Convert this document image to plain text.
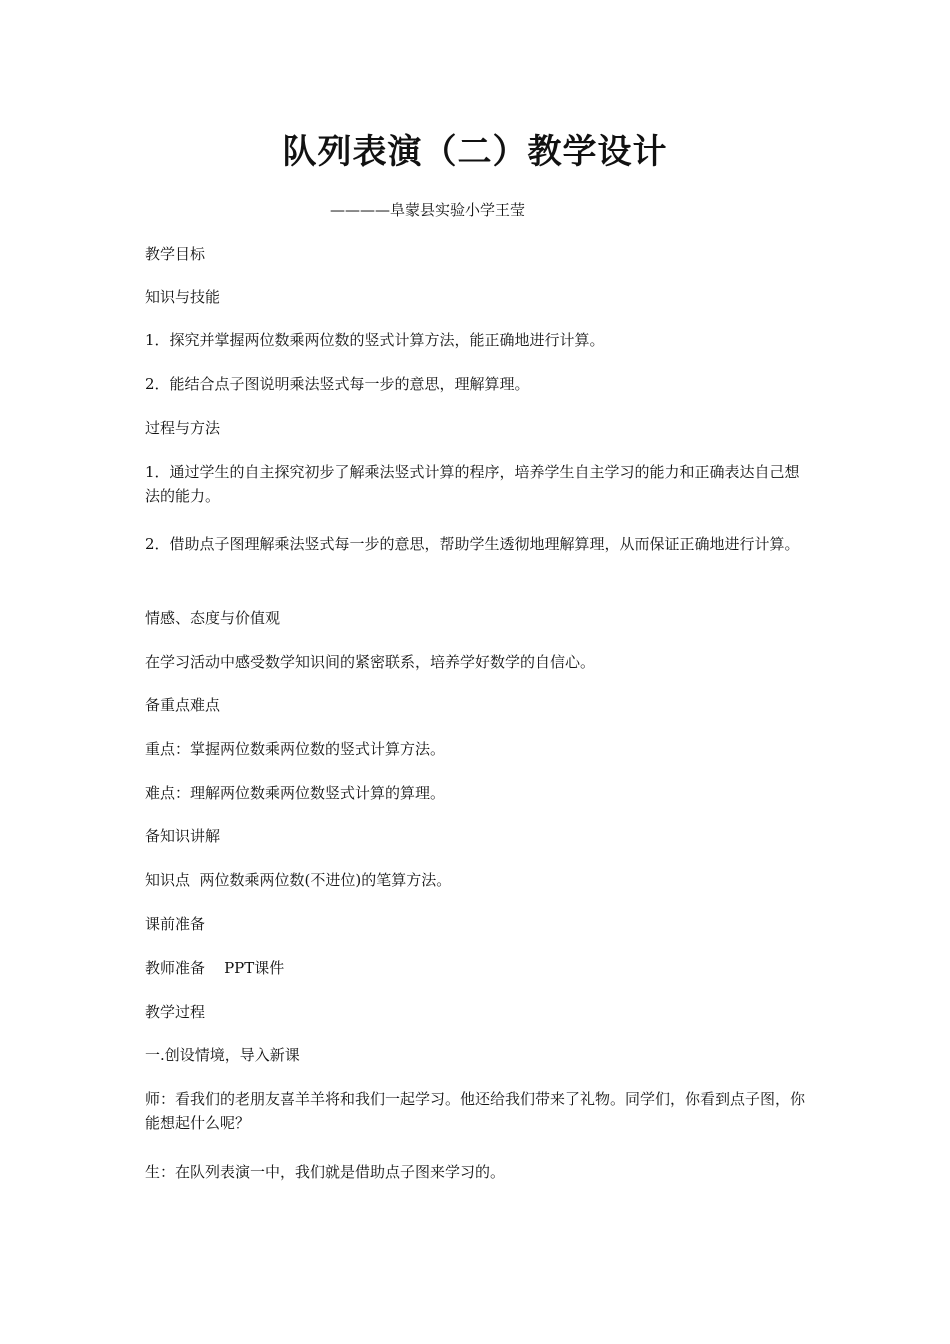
队列表演（二）教学设计
————阜蒙县实验小学王莹

教学目标

知识与技能

1．探究并掌握两位数乘两位数的竖式计算方法，能正确地进行计算。

2．能结合点子图说明乘法竖式每一步的意思，理解算理。

过程与方法

1．通过学生的自主探究初步了解乘法竖式计算的程序，培养学生自主学习的能力和正确表达自己想法的能力。

2．借助点子图理解乘法竖式每一步的意思，帮助学生透彻地理解算理，从而保证正确地进行计算。

情感、态度与价值观

在学习活动中感受数学知识间的紧密联系，培养学好数学的自信心。

备重点难点

重点：掌握两位数乘两位数的竖式计算方法。

难点：理解两位数乘两位数竖式计算的算理。

备知识讲解

知识点  两位数乘两位数(不进位)的笔算方法。

课前准备

教师准备    PPT课件

教学过程

一.创设情境，导入新课

师：看我们的老朋友喜羊羊将和我们一起学习。他还给我们带来了礼物。同学们，你看到点子图，你能想起什么呢？

生：在队列表演一中，我们就是借助点子图来学习的。
